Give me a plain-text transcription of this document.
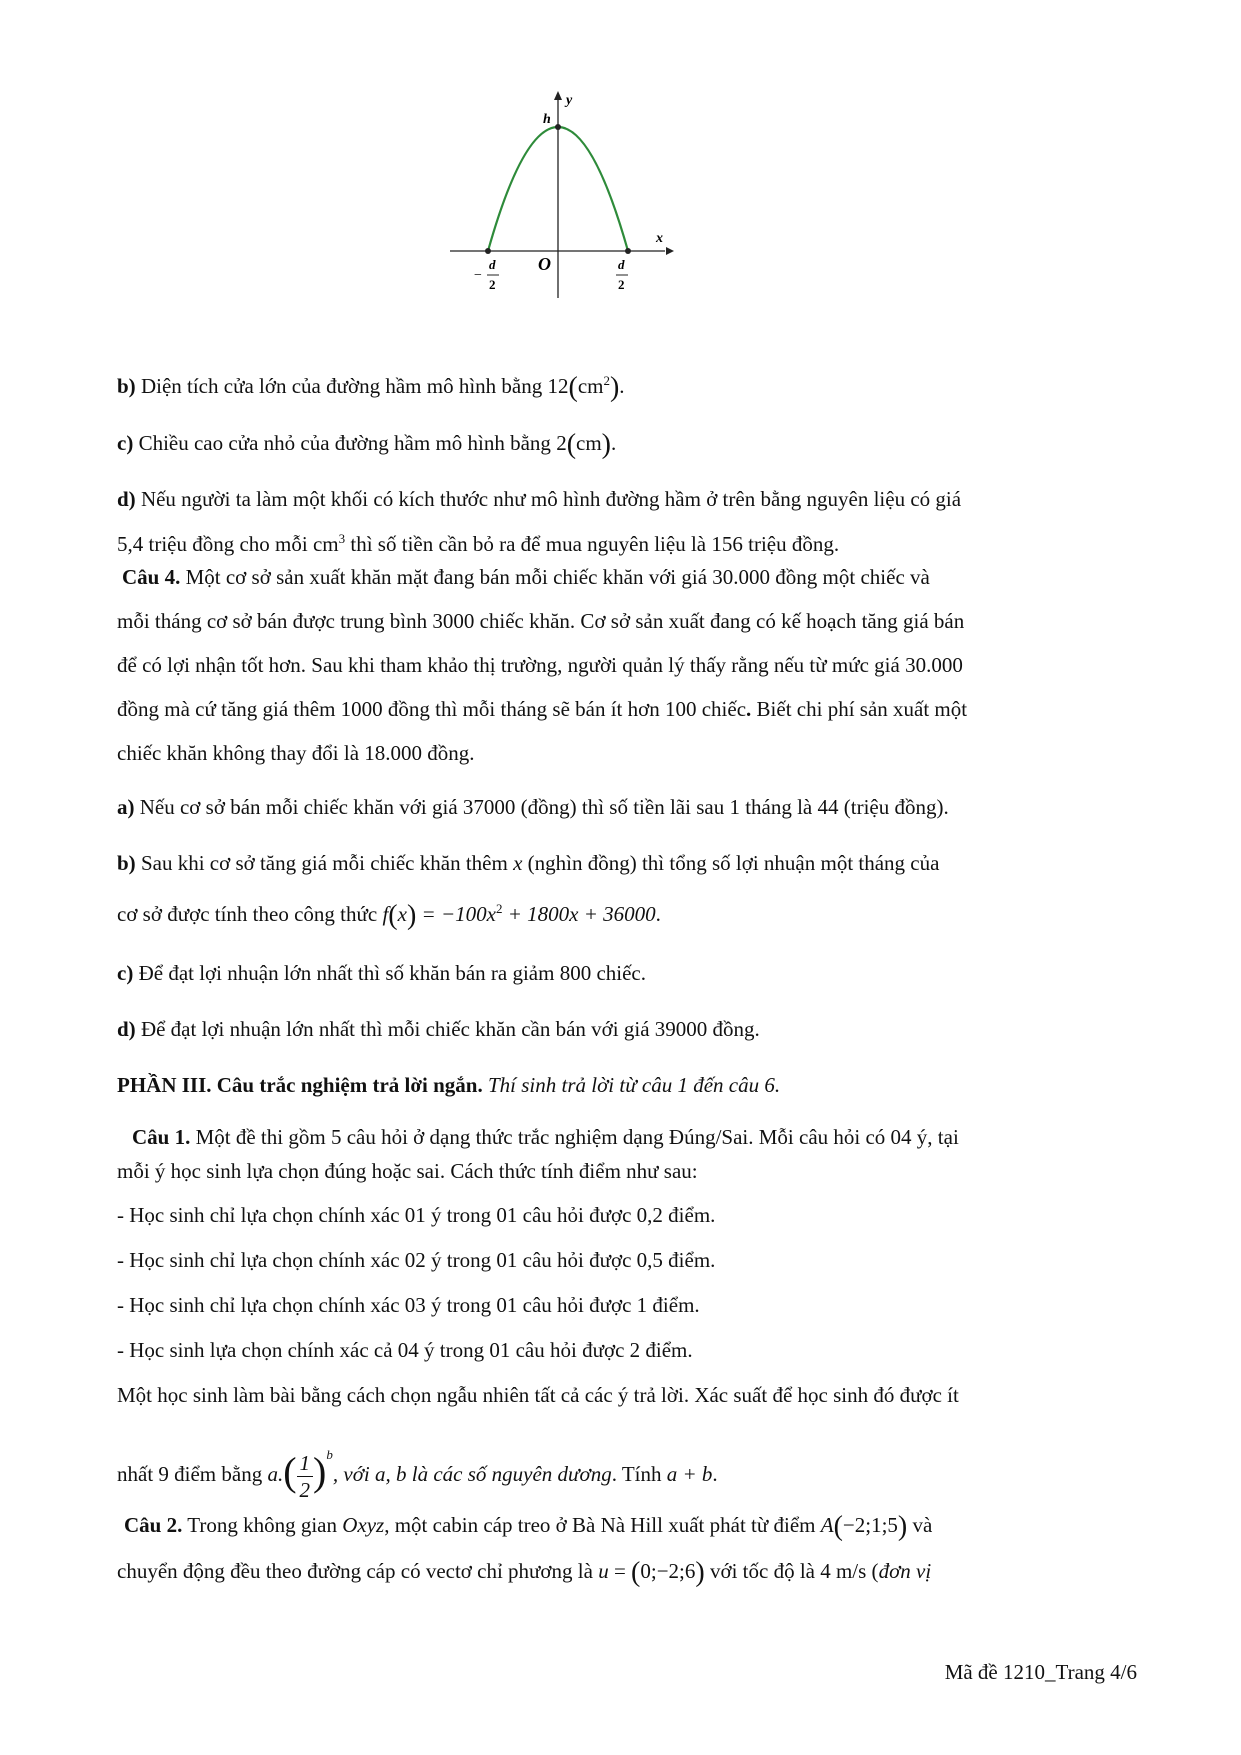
y
x
h
O
−
d
2
d
2
b) Diện tích cửa lớn của đường hầm mô hình bằng $12(cm^2)$.
c) Chiều cao cửa nhỏ của đường hầm mô hình bằng 2(cm).
d) Nếu người ta làm một khối có kích thước như mô hình đường hầm ở trên bằng nguyên liệu có giá
5,4 triệu đồng cho mỗi $cm^3$ thì số tiền cần bỏ ra để mua nguyên liệu là 156 triệu đồng.
Câu 4. Một cơ sở sản xuất khăn mặt đang bán mỗi chiếc khăn với giá 30.000 đồng một chiếc và
mỗi tháng cơ sở bán được trung bình 3000 chiếc khăn. Cơ sở sản xuất đang có kế hoạch tăng giá bán
để có lợi nhận tốt hơn. Sau khi tham khảo thị trường, người quản lý thấy rằng nếu từ mức giá 30.000
đồng mà cứ tăng giá thêm 1000 đồng thì mỗi tháng sẽ bán ít hơn 100 chiếc. Biết chi phí sản xuất một
chiếc khăn không thay đổi là 18.000 đồng.
a) Nếu cơ sở bán mỗi chiếc khăn với giá 37000 (đồng) thì số tiền lãi sau 1 tháng là 44 (triệu đồng).
b) Sau khi cơ sở tăng giá mỗi chiếc khăn thêm x (nghìn đồng) thì tổng số lợi nhuận một tháng của
cơ sở được tính theo công thức $f(x) = -100x^2 + 1800x + 36000$.
c) Để đạt lợi nhuận lớn nhất thì số khăn bán ra giảm 800 chiếc.
d) Để đạt lợi nhuận lớn nhất thì mỗi chiếc khăn cần bán với giá 39000 đồng.
PHẦN III. Câu trắc nghiệm trả lời ngắn. Thí sinh trả lời từ câu 1 đến câu 6.
Câu 1. Một đề thi gồm 5 câu hỏi ở dạng thức trắc nghiệm dạng Đúng/Sai. Mỗi câu hỏi có 04 ý, tại
mỗi ý học sinh lựa chọn đúng hoặc sai. Cách thức tính điểm như sau:
- Học sinh chỉ lựa chọn chính xác 01 ý trong 01 câu hỏi được 0,2 điểm.
- Học sinh chỉ lựa chọn chính xác 02 ý trong 01 câu hỏi được 0,5 điểm.
- Học sinh chỉ lựa chọn chính xác 03 ý trong 01 câu hỏi được 1 điểm.
- Học sinh lựa chọn chính xác cả 04 ý trong 01 câu hỏi được 2 điểm.
Một học sinh làm bài bằng cách chọn ngẫu nhiên tất cả các ý trả lời. Xác suất để học sinh đó được ít
nhất 9 điểm bằng $a.( \frac{1}{2} )^b$, với a, b là các số nguyên dương. Tính a + b.
Câu 2. Trong không gian Oxyz, một cabin cáp treo ở Bà Nà Hill xuất phát từ điểm A(−2;1;5) và
chuyển động đều theo đường cáp có vectơ chỉ phương là u = (0;−2;6) với tốc độ là 4 m/s (đơn vị
Mã đề 1210_Trang 4/6
